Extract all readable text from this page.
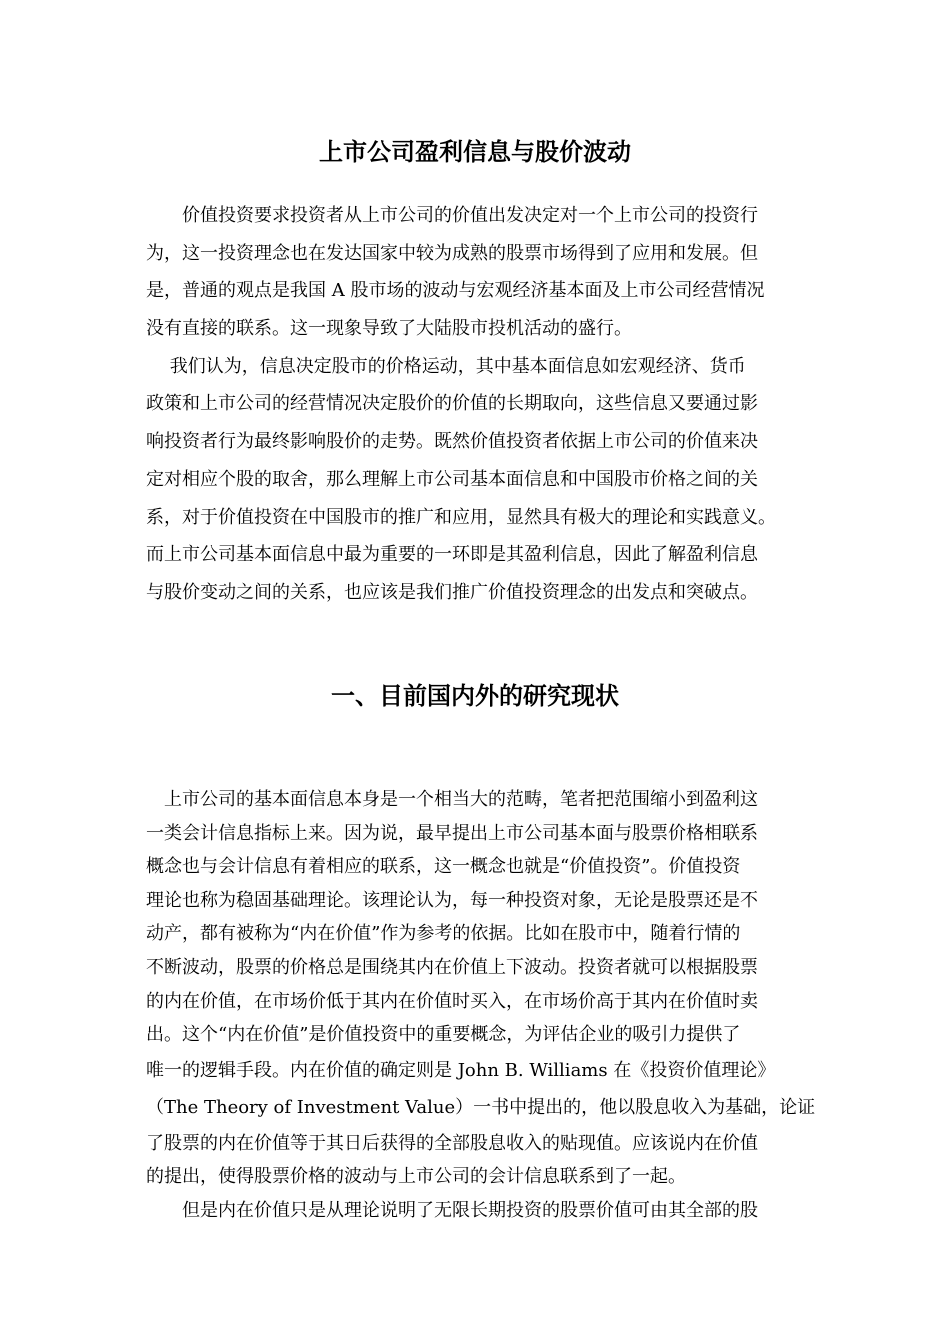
上市公司盈利信息与股价波动
　　价值投资要求投资者从上市公司的价值出发决定对一个上市公司的投资行
为，这一投资理念也在发达国家中较为成熟的股票市场得到了应用和发展。但
是，普通的观点是我国 A 股市场的波动与宏观经济基本面及上市公司经营情况
没有直接的联系。这一现象导致了大陆股市投机活动的盛行。
　 我们认为，信息决定股市的价格运动，其中基本面信息如宏观经济、货币
政策和上市公司的经营情况决定股价的价值的长期取向，这些信息又要通过影
响投资者行为最终影响股价的走势。既然价值投资者依据上市公司的价值来决
定对相应个股的取舍，那么理解上市公司基本面信息和中国股市价格之间的关
系，对于价值投资在中国股市的推广和应用，显然具有极大的理论和实践意义。
而上市公司基本面信息中最为重要的一环即是其盈利信息，因此了解盈利信息
与股价变动之间的关系，也应该是我们推广价值投资理念的出发点和突破点。
一、目前国内外的研究现状
　上市公司的基本面信息本身是一个相当大的范畴，笔者把范围缩小到盈利这
一类会计信息指标上来。因为说，最早提出上市公司基本面与股票价格相联系
概念也与会计信息有着相应的联系，这一概念也就是“价值投资”。价值投资
理论也称为稳固基础理论。该理论认为，每一种投资对象，无论是股票还是不
动产，都有被称为“内在价值”作为参考的依据。比如在股市中，随着行情的
不断波动，股票的价格总是围绕其内在价值上下波动。投资者就可以根据股票
的内在价值，在市场价低于其内在价值时买入，在市场价高于其内在价值时卖
出。这个“内在价值”是价值投资中的重要概念，为评估企业的吸引力提供了
唯一的逻辑手段。内在价值的确定则是 John B. Williams 在《投资价值理论》
（The Theory of Investment Value）一书中提出的，他以股息收入为基础，论证
了股票的内在价值等于其日后获得的全部股息收入的贴现值。应该说内在价值
的提出，使得股票价格的波动与上市公司的会计信息联系到了一起。
　　但是内在价值只是从理论说明了无限长期投资的股票价值可由其全部的股
